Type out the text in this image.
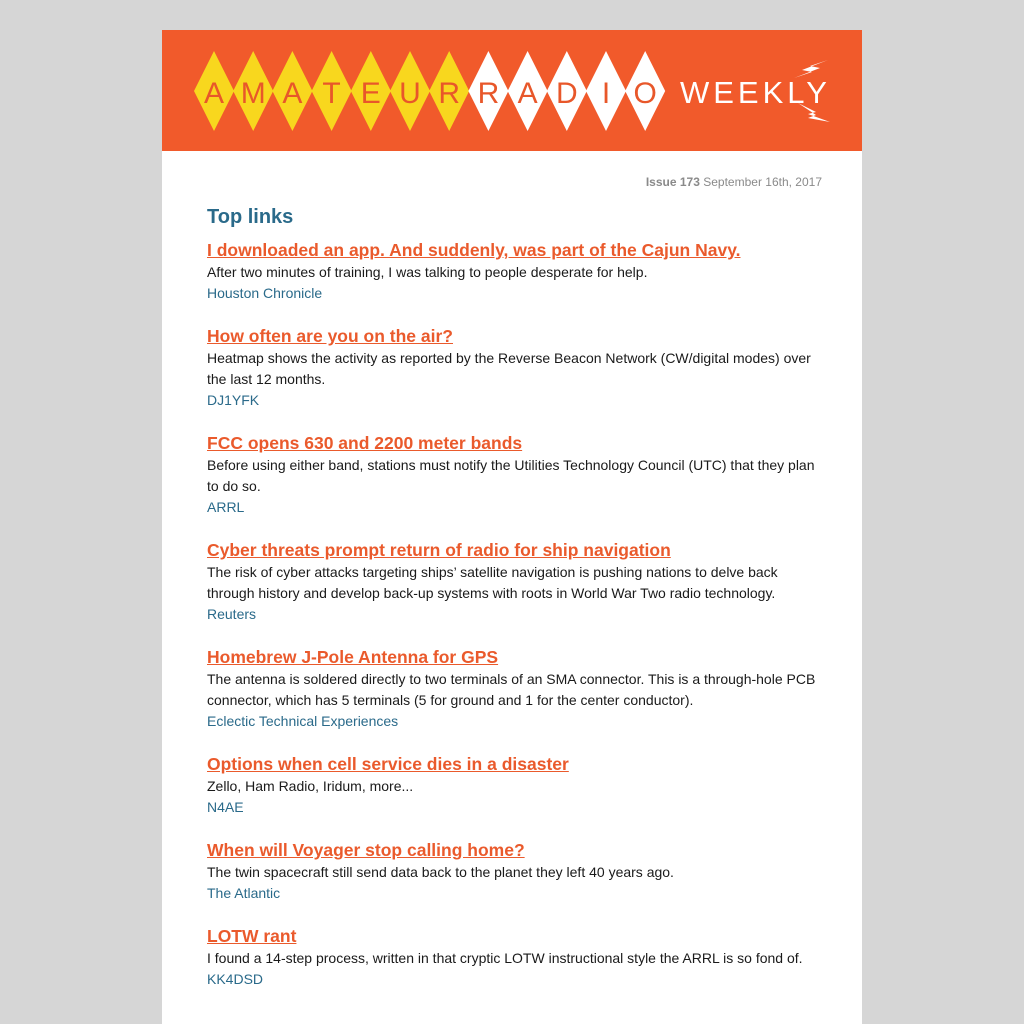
A M A T E U R R A D I O WEEKLY
Issue 173 September 16th, 2017
Top links
I downloaded an app. And suddenly, was part of the Cajun Navy.
After two minutes of training, I was talking to people desperate for help.
Houston Chronicle
How often are you on the air?
Heatmap shows the activity as reported by the Reverse Beacon Network (CW/digital modes) over the last 12 months.
DJ1YFK
FCC opens 630 and 2200 meter bands
Before using either band, stations must notify the Utilities Technology Council (UTC) that they plan to do so.
ARRL
Cyber threats prompt return of radio for ship navigation
The risk of cyber attacks targeting ships’ satellite navigation is pushing nations to delve back through history and develop back-up systems with roots in World War Two radio technology.
Reuters
Homebrew J-Pole Antenna for GPS
The antenna is soldered directly to two terminals of an SMA connector. This is a through-hole PCB connector, which has 5 terminals (5 for ground and 1 for the center conductor).
Eclectic Technical Experiences
Options when cell service dies in a disaster
Zello, Ham Radio, Iridum, more...
N4AE
When will Voyager stop calling home?
The twin spacecraft still send data back to the planet they left 40 years ago.
The Atlantic
LOTW rant
I found a 14-step process, written in that cryptic LOTW instructional style the ARRL is so fond of.
KK4DSD
